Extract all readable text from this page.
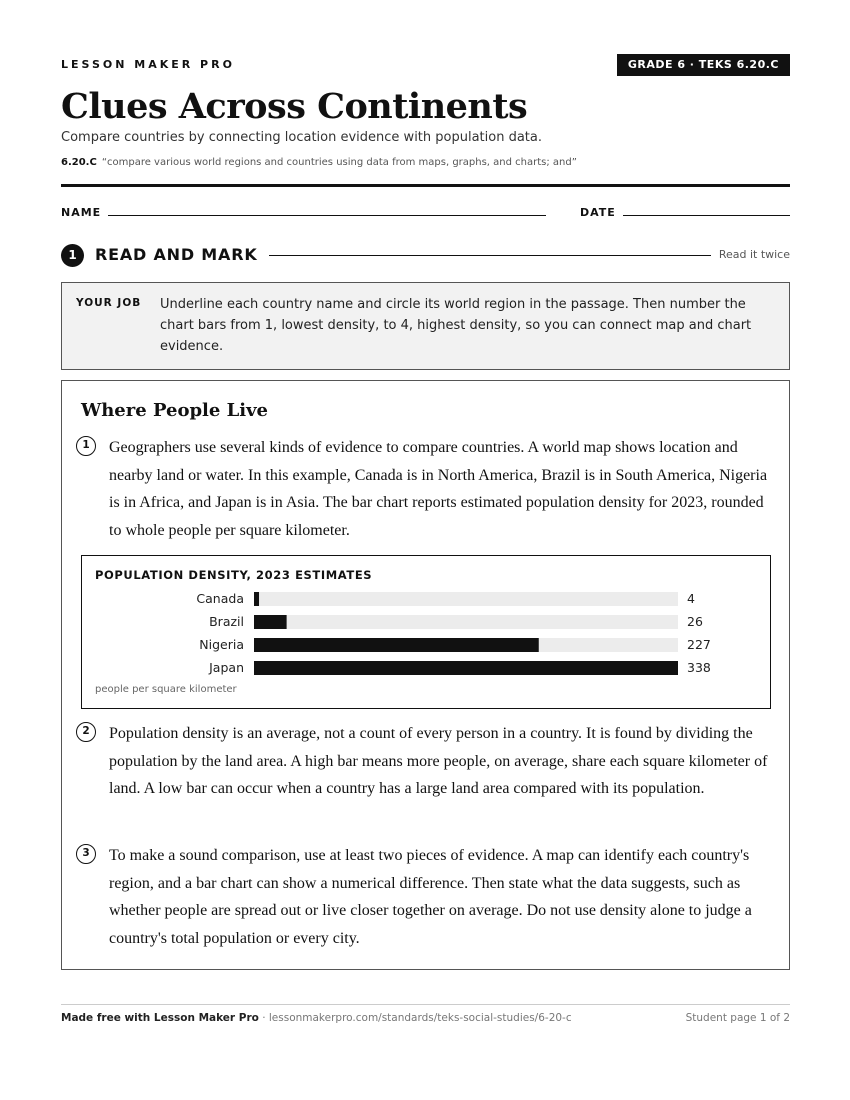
LESSON MAKER PRO	GRADE 6 · TEKS 6.20.C
Clues Across Continents
Compare countries by connecting location evidence with population data.
6.20.C “compare various world regions and countries using data from maps, graphs, and charts; and”
NAME	DATE
1	READ AND MARK	Read it twice
YOUR JOB Underline each country name and circle its world region in the passage. Then number the chart bars from 1, lowest density, to 4, highest density, so you can connect map and chart evidence.
Where People Live
1	Geographers use several kinds of evidence to compare countries. A world map shows location and nearby land or water. In this example, Canada is in North America, Brazil is in South America, Nigeria is in Africa, and Japan is in Asia. The bar chart reports estimated population density for 2023, rounded to whole people per square kilometer.
POPULATION DENSITY, 2023 ESTIMATES
Canada	4
Brazil	26
Nigeria	227
Japan	338
people per square kilometer
2	Population density is an average, not a count of every person in a country. It is found by dividing the population by the land area. A high bar means more people, on average, share each square kilometer of land. A low bar can occur when a country has a large land area compared with its population.
3	To make a sound comparison, use at least two pieces of evidence. A map can identify each country's region, and a bar chart can show a numerical difference. Then state what the data suggests, such as whether people are spread out or live closer together on average. Do not use density alone to judge a country's total population or every city.
Made free with Lesson Maker Pro · lessonmakerpro.com/standards/teks-social-studies/6-20-c	Student page 1 of 2
